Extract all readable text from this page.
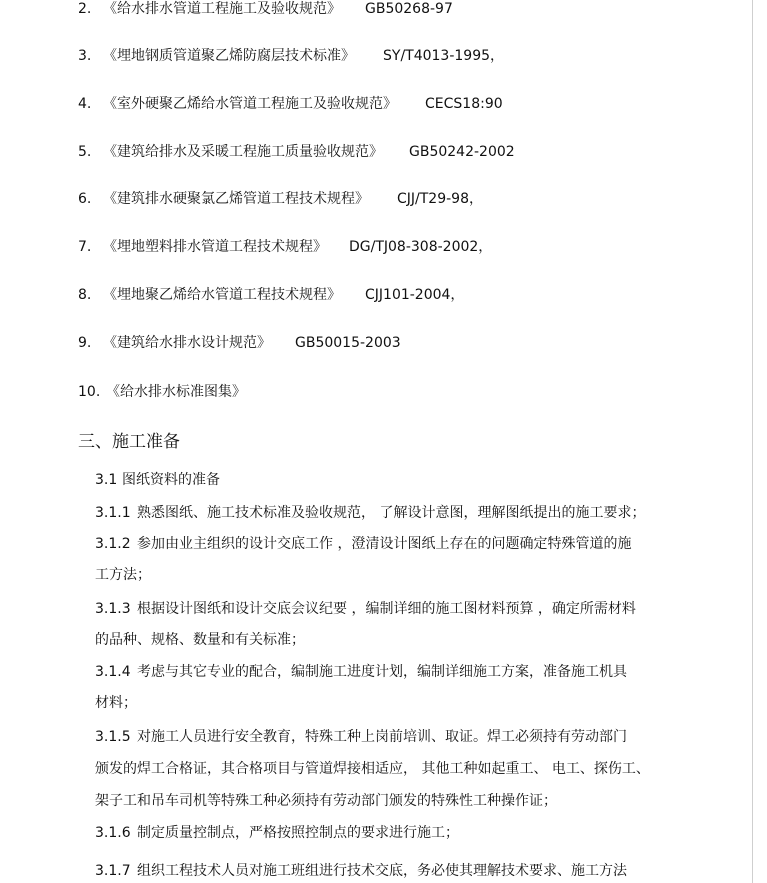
2. 《给水排水管道工程施工及验收规范》 GB50268-97
3. 《埋地钢质管道聚乙烯防腐层技术标准》 SY/T4013-1995，
4. 《室外硬聚乙烯给水管道工程施工及验收规范》 CECS18:90
5. 《建筑给排水及采暖工程施工质量验收规范》 GB50242-2002
6. 《建筑排水硬聚氯乙烯管道工程技术规程》 CJJ/T29-98，
7. 《埋地塑料排水管道工程技术规程》 DG/TJ08-308-2002，
8. 《埋地聚乙烯给水管道工程技术规程》 CJJ101-2004，
9. 《建筑给水排水设计规范》 GB50015-2003
10. 《给水排水标准图集》
三、施工准备
3.1 图纸资料的准备
3.1.1 熟悉图纸、施工技术标准及验收规范， 了解设计意图，理解图纸提出的施工要求；
3.1.2 参加由业主组织的设计交底工作 ，澄清设计图纸上存在的问题确定特殊管道的施
工方法；
3.1.3 根据设计图纸和设计交底会议纪要 ，编制详细的施工图材料预算 ，确定所需材料
的品种、规格、数量和有关标准；
3.1.4 考虑与其它专业的配合，编制施工进度计划，编制详细施工方案，准备施工机具
材料；
3.1.5 对施工人员进行安全教育，特殊工种上岗前培训、取证。焊工必须持有劳动部门
颁发的焊工合格证，其合格项目与管道焊接相适应， 其他工种如起重工、 电工、探伤工、
架子工和吊车司机等特殊工种必须持有劳动部门颁发的特殊性工种操作证；
3.1.6 制定质量控制点，严格按照控制点的要求进行施工；
3.1.7 组织工程技术人员对施工班组进行技术交底，务必使其理解技术要求、施工方法
